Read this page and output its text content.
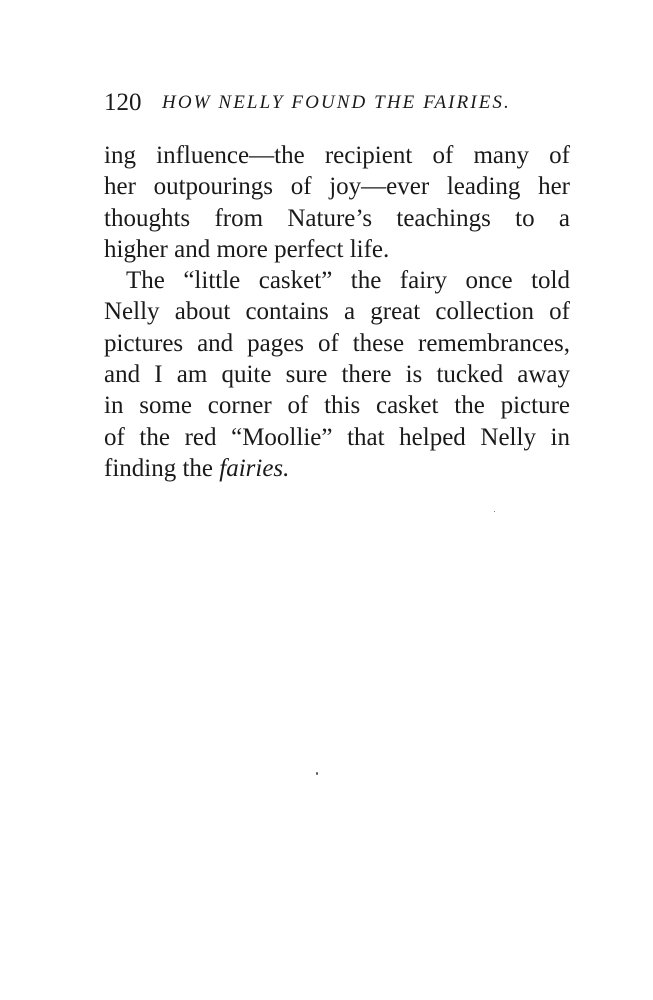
120 HOW NELLY FOUND THE FAIRIES.
ing influence—the recipient of many of
her outpourings of joy—ever leading her
thoughts from Nature’s teachings to a
higher and more perfect life.
The “little casket” the fairy once told
Nelly about contains a great collection of
pictures and pages of these remembrances,
and I am quite sure there is tucked away
in some corner of this casket the picture
of the red “Moollie” that helped Nelly in
finding the fairies.
